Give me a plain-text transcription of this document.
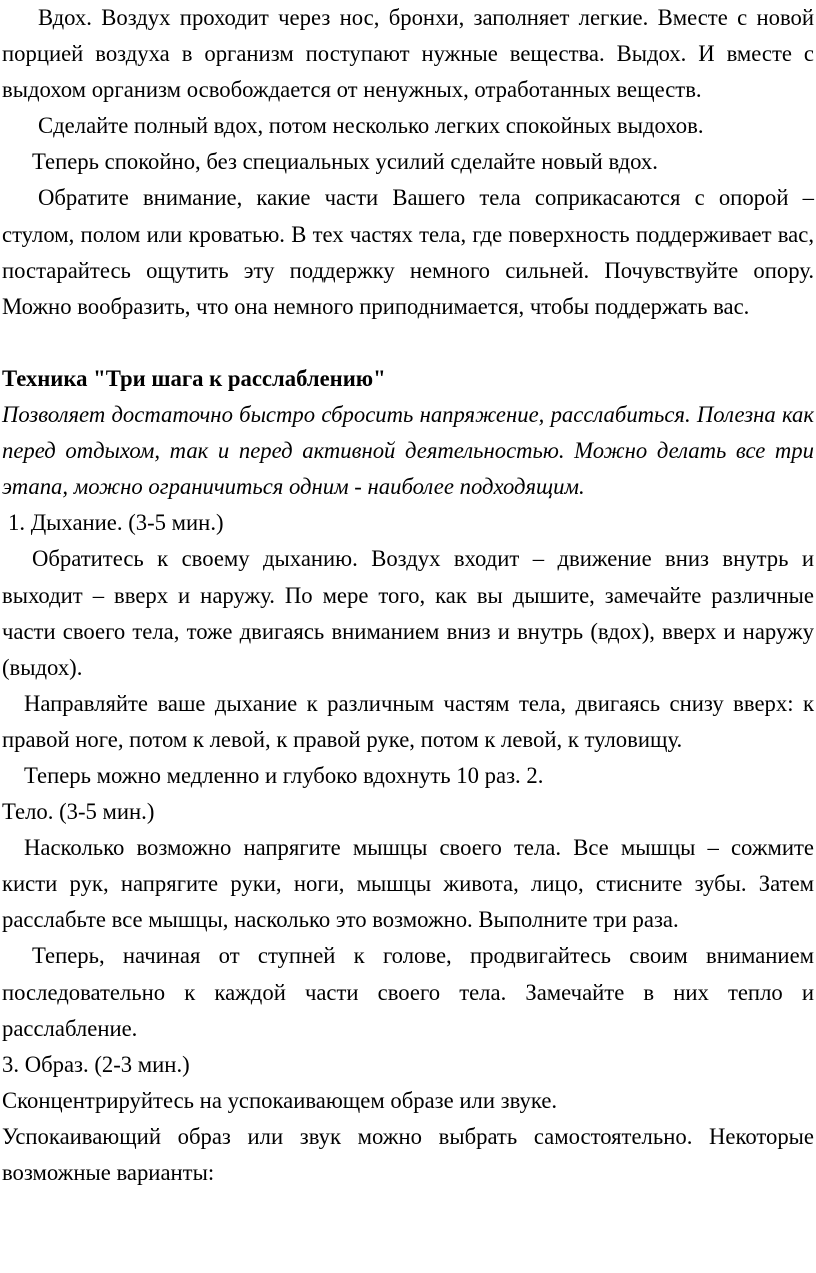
Вдох. Воздух проходит через нос, бронхи, заполняет легкие. Вместе с новой порцией воздуха в организм поступают нужные вещества. Выдох. И вместе с выдохом организм освобождается от ненужных, отработанных веществ.

Сделайте полный вдох, потом несколько легких спокойных выдохов.

Теперь спокойно, без специальных усилий сделайте новый вдох.

Обратите внимание, какие части Вашего тела соприкасаются с опорой – стулом, полом или кроватью. В тех частях тела, где поверхность поддерживает вас, постарайтесь ощутить эту поддержку немного сильней. Почувствуйте опору. Можно вообразить, что она немного приподнимается, чтобы поддержать вас.

Техника "Три шага к расслаблению"

Позволяет достаточно быстро сбросить напряжение, расслабиться. Полезна как перед отдыхом, так и перед активной деятельностью. Можно делать все три этапа, можно ограничиться одним - наиболее подходящим.

1. Дыхание. (3-5 мин.)

Обратитесь к своему дыханию. Воздух входит – движение вниз внутрь и выходит – вверх и наружу. По мере того, как вы дышите, замечайте различные части своего тела, тоже двигаясь вниманием вниз и внутрь (вдох), вверх и наружу (выдох).

Направляйте ваше дыхание к различным частям тела, двигаясь снизу вверх: к правой ноге, потом к левой, к правой руке, потом к левой, к туловищу.

Теперь можно медленно и глубоко вдохнуть 10 раз. 2.

Тело. (3-5 мин.)

Насколько возможно напрягите мышцы своего тела. Все мышцы – сожмите кисти рук, напрягите руки, ноги, мышцы живота, лицо, стисните зубы. Затем расслабьте все мышцы, насколько это возможно. Выполните три раза.

Теперь, начиная от ступней к голове, продвигайтесь своим вниманием последовательно к каждой части своего тела. Замечайте в них тепло и расслабление.

3. Образ. (2-3 мин.)

Сконцентрируйтесь на успокаивающем образе или звуке.

Успокаивающий образ или звук можно выбрать самостоятельно. Некоторые возможные варианты:
